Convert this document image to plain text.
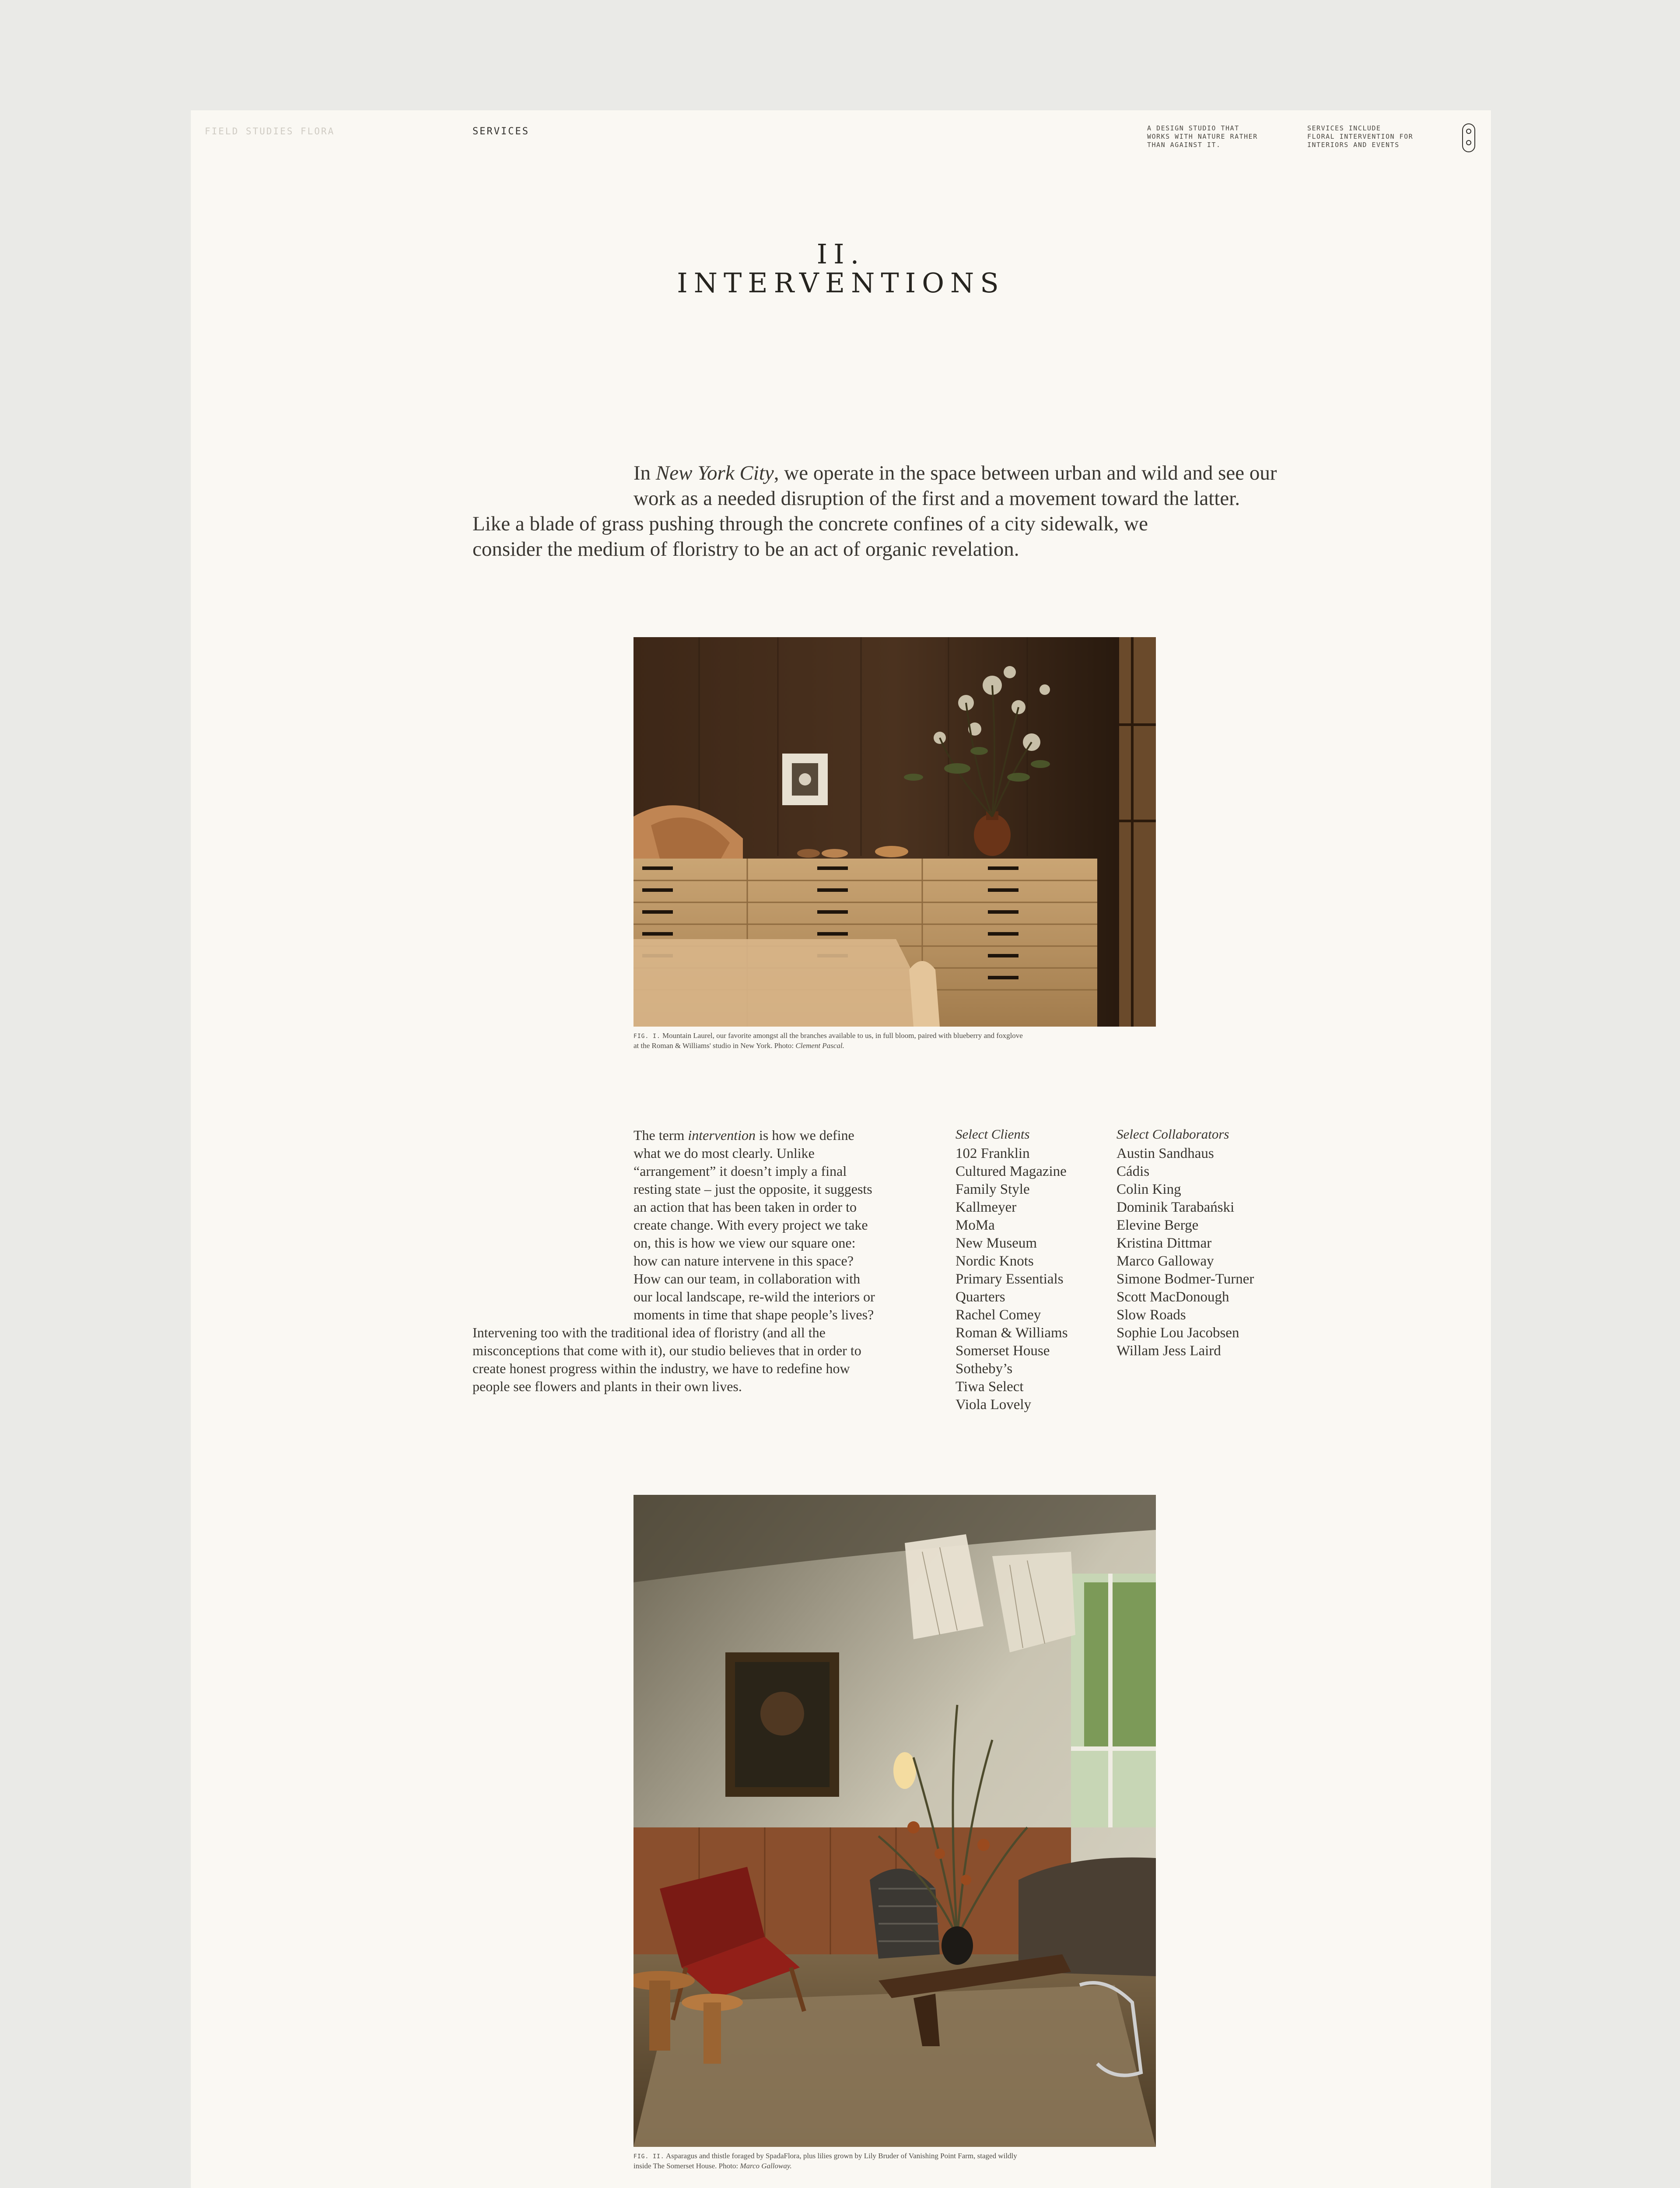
FIELD STUDIES FLORA	SERVICES	A DESIGN STUDIO THAT
WORKS WITH NATURE RATHER
THAN AGAINST IT.
SERVICES INCLUDE
FLORAL INTERVENTION FOR
INTERIORS AND EVENTS
II.
INTERVENTIONS
In New York City, we operate in the space between urban and wild and see our
work as a needed disruption of the first and a movement toward the latter.
Like a blade of grass pushing through the concrete confines of a city sidewalk, we
consider the medium of floristry to be an act of organic revelation.
FIG. I. Mountain Laurel, our favorite amongst all the branches available to us, in full bloom, paired with blueberry and foxglove
at the Roman & Williams' studio in New York. Photo: Clement Pascal.
The term intervention is how we define
what we do most clearly. Unlike
“arrangement” it doesn’t imply a final
resting state – just the opposite, it suggests
an action that has been taken in order to
create change. With every project we take
on, this is how we view our square one:
how can nature intervene in this space?
How can our team, in collaboration with
our local landscape, re-wild the interiors or
moments in time that shape people’s lives?
Intervening too with the traditional idea of floristry (and all the
misconceptions that come with it), our studio believes that in order to
create honest progress within the industry, we have to redefine how
people see flowers and plants in their own lives.
Select Clients
102 Franklin
Cultured Magazine
Family Style
Kallmeyer
MoMa
New Museum
Nordic Knots
Primary Essentials
Quarters
Rachel Comey
Roman & Williams
Somerset House
Sotheby’s
Tiwa Select
Viola Lovely
Select Collaborators
Austin Sandhaus
Cádis
Colin King
Dominik Tarabański
Elevine Berge
Kristina Dittmar
Marco Galloway
Simone Bodmer-Turner
Scott MacDonough
Slow Roads
Sophie Lou Jacobsen
Willam Jess Laird
FIG. II. Asparagus and thistle foraged by SpadaFlora, plus lilies grown by Lily Bruder of Vanishing Point Farm, staged wildly
inside The Somerset House. Photo: Marco Galloway.
